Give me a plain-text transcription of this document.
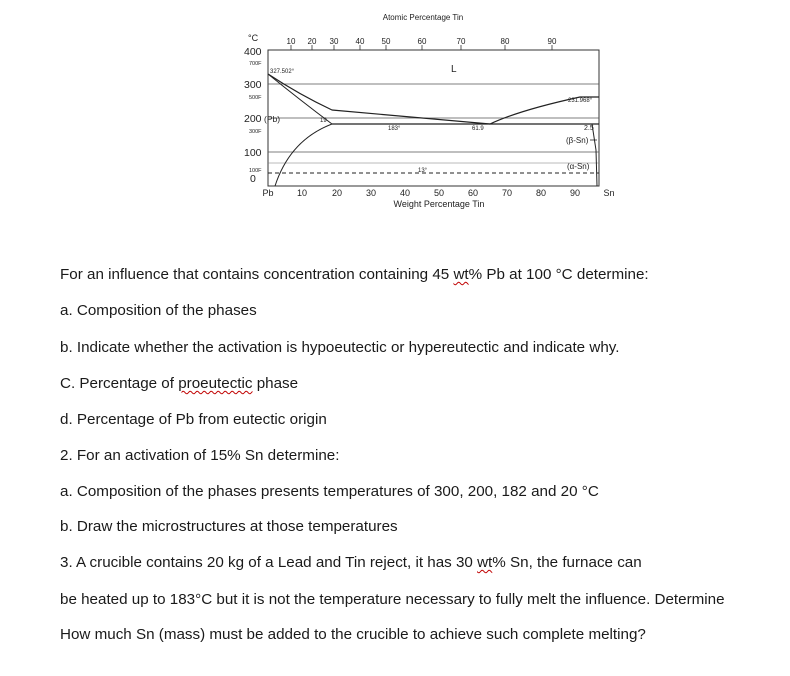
Atomic Percentage Tin
10 20 30 40 50	60	70	80	90
°C
400
700F
300
500F
200
300F
100
100F
0
327.502°	L
231.968°
(Pb)	19
183°	61.9	2.5
(β-Sn)
13°	(α-Sn)
Pb	10	20	30	40	50	60	70	80	90	Sn
Weight Percentage Tin
For an influence that contains concentration containing 45 wt% Pb at 100 °C determine:
a. Composition of the phases
b. Indicate whether the activation is hypoeutectic or hypereutectic and indicate why.
C. Percentage of proeutectic phase
d. Percentage of Pb from eutectic origin
2. For an activation of 15% Sn determine:
a. Composition of the phases presents temperatures of 300, 200, 182 and 20 °C
b. Draw the microstructures at those temperatures
3. A crucible contains 20 kg of a Lead and Tin reject, it has 30 wt% Sn, the furnace can
be heated up to 183°C but it is not the temperature necessary to fully melt the influence. Determine
How much Sn (mass) must be added to the crucible to achieve such complete melting?
